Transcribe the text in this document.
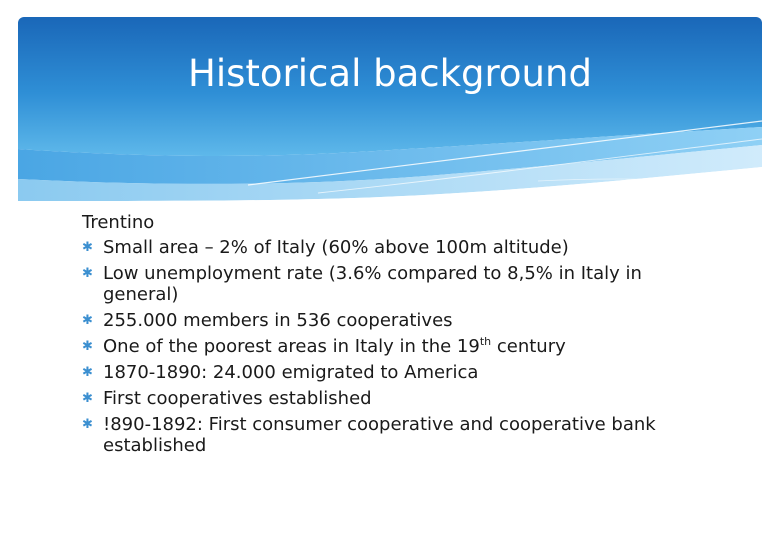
Historical background
Trentino
✱ Small area – 2% of Italy (60% above 100m altitude)
✱ Low unemployment rate (3.6% compared to 8,5% in Italy in general)
✱ 255.000 members in 536 cooperatives
✱ One of the poorest areas in Italy in the 19th century
✱ 1870-1890: 24.000 emigrated to America
✱ First cooperatives established
✱ !890-1892: First consumer cooperative and cooperative bank established
